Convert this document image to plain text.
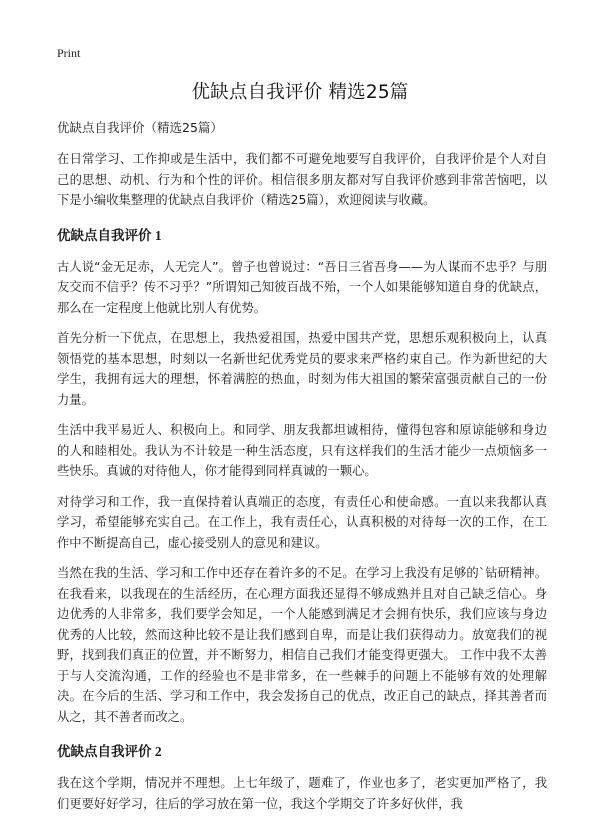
Print
优缺点自我评价 精选25篇
优缺点自我评价（精选25篇）

在日常学习、工作抑或是生活中，我们都不可避免地要写自我评价，自我评价是个人对自己的思想、动机、行为和个性的评价。相信很多朋友都对写自我评价感到非常苦恼吧，以下是小编收集整理的优缺点自我评价（精选25篇），欢迎阅读与收藏。

优缺点自我评价 1

古人说“金无足赤，人无完人”。曾子也曾说过：“吾日三省吾身——为人谋而不忠乎？与朋友交而不信乎？传不习乎？”所谓知己知彼百战不殆，一个人如果能够知道自身的优缺点，那么在一定程度上他就比别人有优势。

首先分析一下优点，在思想上，我热爱祖国，热爱中国共产党，思想乐观积极向上，认真领悟党的基本思想，时刻以一名新世纪优秀党员的要求来严格约束自己。作为新世纪的大学生，我拥有远大的理想，怀着满腔的热血，时刻为伟大祖国的繁荣富强贡献自己的一份力量。

生活中我平易近人、积极向上。和同学、朋友我都坦诚相待，懂得包容和原谅能够和身边的人和睦相处。我认为不计较是一种生活态度，只有这样我们的生活才能少一点烦恼多一些快乐。真诚的对待他人，你才能得到同样真诚的一颗心。

对待学习和工作，我一直保持着认真端正的态度，有责任心和使命感。一直以来我都认真学习，希望能够充实自己。在工作上，我有责任心，认真积极的对待每一次的工作，在工作中不断提高自己，虚心接受别人的意见和建议。

当然在我的生活、学习和工作中还存在着许多的不足。在学习上我没有足够的`钻研精神。在我看来，以我现在的生活经历，在心理方面我还显得不够成熟并且对自己缺乏信心。身边优秀的人非常多，我们要学会知足，一个人能感到满足才会拥有快乐，我们应该与身边优秀的人比较，然而这种比较不是让我们感到自卑，而是让我们获得动力。放宽我们的视野，找到我们真正的位置，并不断努力，相信自己我们才能变得更强大。 工作中我不太善于与人交流沟通，工作的经验也不是非常多，在一些棘手的问题上不能够有效的处理解决。在今后的生活、学习和工作中，我会发扬自己的优点，改正自己的缺点，择其善者而从之，其不善者而改之。

优缺点自我评价 2

我在这个学期，情况并不理想。上七年级了，题难了，作业也多了，老实更加严格了，我们更要好好学习，往后的学习放在第一位，我这个学期交了许多好伙伴，我
